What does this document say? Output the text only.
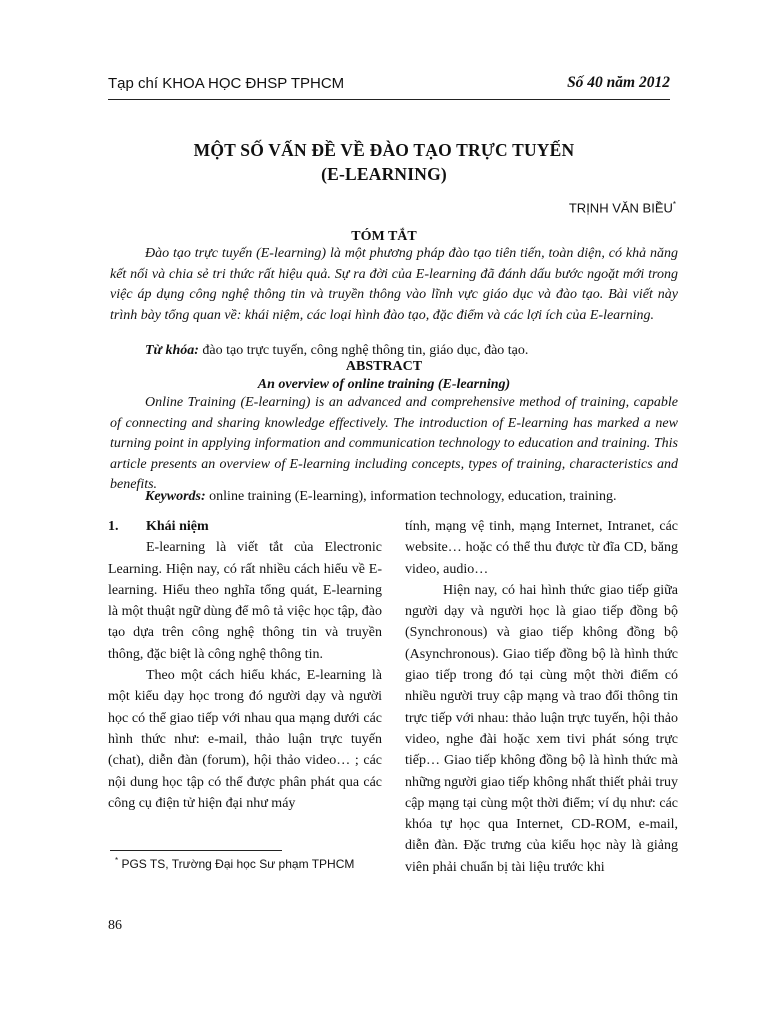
Tạp chí KHOA HỌC ĐHSP TPHCM	Số 40 năm 2012
MỘT SỐ VẤN ĐỀ VỀ ĐÀO TẠO TRỰC TUYẾN
(E-LEARNING)
TRỊNH VĂN BIỀU*
TÓM TẮT
Đào tạo trực tuyến (E-learning) là một phương pháp đào tạo tiên tiến, toàn diện, có khả năng kết nối và chia sẻ tri thức rất hiệu quả. Sự ra đời của E-learning đã đánh dấu bước ngoặt mới trong việc áp dụng công nghệ thông tin và truyền thông vào lĩnh vực giáo dục và đào tạo. Bài viết này trình bày tổng quan về: khái niệm, các loại hình đào tạo, đặc điểm và các lợi ích của E-learning.
Từ khóa: đào tạo trực tuyến, công nghệ thông tin, giáo dục, đào tạo.
ABSTRACT
An overview of online training (E-learning)
Online Training (E-learning) is an advanced and comprehensive method of training, capable of connecting and sharing knowledge effectively. The introduction of E-learning has marked a new turning point in applying information and communication technology to education and training. This article presents an overview of E-learning including concepts, types of training, characteristics and benefits.
Keywords: online training (E-learning), information technology, education, training.

1. Khái niệm

E-learning là viết tắt của Electronic Learning. Hiện nay, có rất nhiều cách hiểu về E-learning. Hiểu theo nghĩa tổng quát, E-learning là một thuật ngữ dùng để mô tả việc học tập, đào tạo dựa trên công nghệ thông tin và truyền thông, đặc biệt là công nghệ thông tin.

Theo một cách hiểu khác, E-learning là một kiểu dạy học trong đó người dạy và người học có thể giao tiếp với nhau qua mạng dưới các hình thức như: e-mail, thảo luận trực tuyến (chat), diễn đàn (forum), hội thảo video… ; các nội dung học tập có thể được phân phát qua các công cụ điện tử hiện đại như máy

tính, mạng vệ tinh, mạng Internet, Intranet, các website… hoặc có thể thu được từ đĩa CD, băng video, audio…

Hiện nay, có hai hình thức giao tiếp giữa người dạy và người học là giao tiếp đồng bộ (Synchronous) và giao tiếp không đồng bộ (Asynchronous). Giao tiếp đồng bộ là hình thức giao tiếp trong đó tại cùng một thời điểm có nhiều người truy cập mạng và trao đổi thông tin trực tiếp với nhau: thảo luận trực tuyến, hội thảo video, nghe đài hoặc xem tivi phát sóng trực tiếp… Giao tiếp không đồng bộ là hình thức mà những người giao tiếp không nhất thiết phải truy cập mạng tại cùng một thời điểm; ví dụ như: các khóa tự học qua Internet, CD-ROM, e-mail, diễn đàn. Đặc trưng của kiểu học này là giảng viên phải chuẩn bị tài liệu trước khi

* PGS TS, Trường Đại học Sư phạm TPHCM
86
